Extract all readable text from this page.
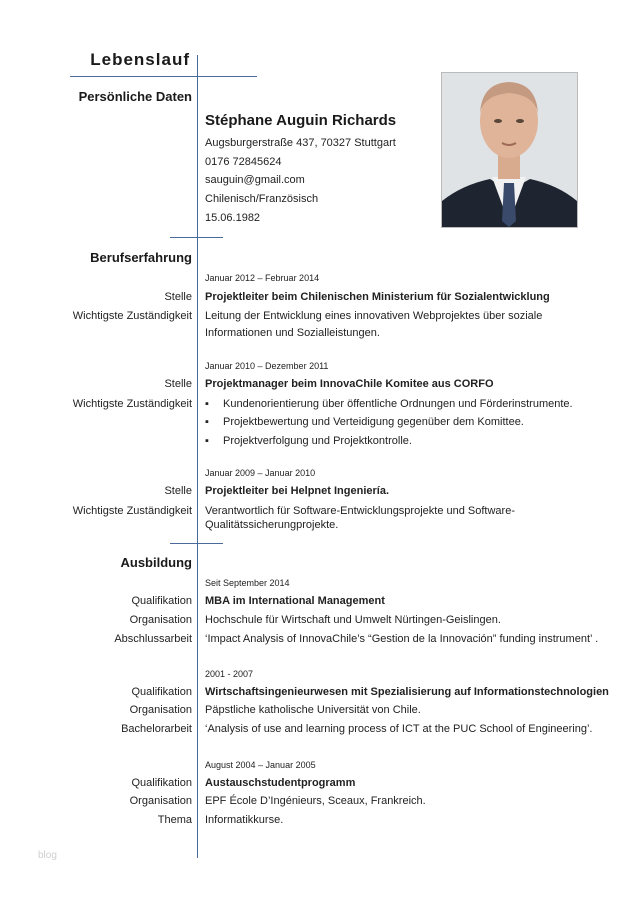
Lebenslauf
Persönliche Daten
Stéphane Auguin Richards
Augsburgerstraße 437, 70327 Stuttgart
0176 72845624
sauguin@gmail.com
Chilenisch/Französisch
15.06.1982
Berufserfahrung
Januar 2012 – Februar 2014
Stelle Projektleiter beim Chilenischen Ministerium für Sozialentwicklung
Wichtigste Zuständigkeit Leitung der Entwicklung eines innovativen Webprojektes über soziale
Informationen und Sozialleistungen.
Januar 2010 – Dezember 2011
Stelle Projektmanager beim InnovaChile Komitee aus CORFO
Wichtigste Zuständigkeit ▪ Kundenorientierung über öffentliche Ordnungen und Förderinstrumente.
▪ Projektbewertung und Verteidigung gegenüber dem Komittee.
▪ Projektverfolgung und Projektkontrolle.
Januar 2009 – Januar 2010
Stelle Projektleiter bei Helpnet Ingeniería.
Wichtigste Zuständigkeit Verantwortlich für Software-Entwicklungsprojekte und Software-
Qualitätssicherungprojekte.
Ausbildung
Seit September 2014
Qualifikation MBA im International Management
Organisation Hochschule für Wirtschaft und Umwelt Nürtingen-Geislingen.
Abschlussarbeit ‘Impact Analysis of InnovaChile’s “Gestion de la Innovación” funding instrument’ .
2001 - 2007
Qualifikation Wirtschaftsingenieurwesen mit Spezialisierung auf Informationstechnologien
Organisation Päpstliche katholische Universität von Chile.
Bachelorarbeit ‘Analysis of use and learning process of ICT at the PUC School of Engineering’.
August 2004 – Januar 2005
Qualifikation Austauschstudentprogramm
Organisation EPF École D’Ingénieurs, Sceaux, Frankreich.
Thema Informatikkurse.
blog
